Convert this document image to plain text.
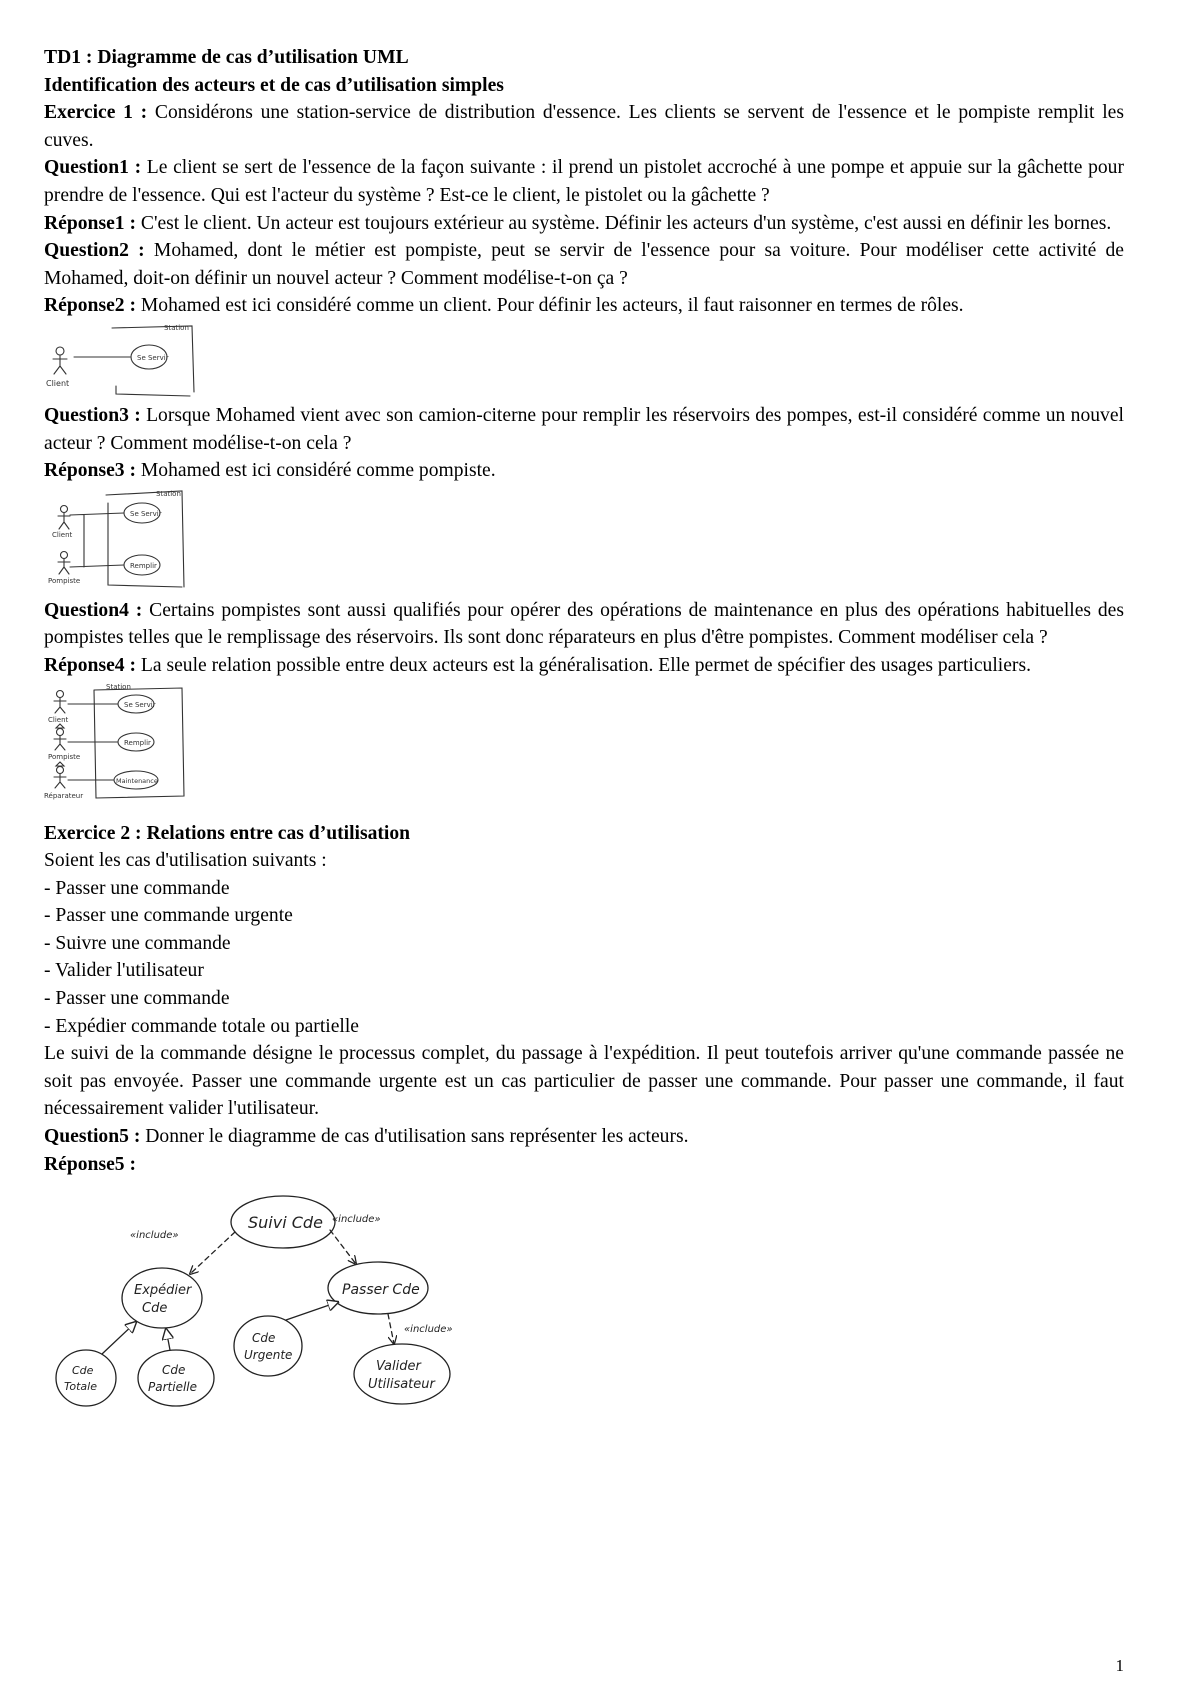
TD1 : Diagramme de cas d’utilisation UML

Identification des acteurs et de cas d’utilisation simples

Exercice 1 : Considérons une station-service de distribution d'essence. Les clients se servent de l'essence et le pompiste remplit les cuves.

Question1 : Le client se sert de l'essence de la façon suivante : il prend un pistolet accroché à une pompe et appuie sur la gâchette pour prendre de l'essence. Qui est l'acteur du système ? Est-ce le client, le pistolet ou la gâchette ?

Réponse1 : C'est le client. Un acteur est toujours extérieur au système. Définir les acteurs d'un système, c'est aussi en définir les bornes.

Question2 : Mohamed, dont le métier est pompiste, peut se servir de l'essence pour sa voiture. Pour modéliser cette activité de Mohamed, doit-on définir un nouvel acteur ? Comment modélise-t-on ça ?

Réponse2 : Mohamed est ici considéré comme un client. Pour définir les acteurs, il faut raisonner en termes de rôles.

Station
Se Servir
Client

Question3 : Lorsque Mohamed vient avec son camion-citerne pour remplir les réservoirs des pompes, est-il considéré comme un nouvel acteur ? Comment modélise-t-on cela ?

Réponse3 : Mohamed est ici considéré comme pompiste.

Station
Se Servir
Remplir
Client
Pompiste

Question4 : Certains pompistes sont aussi qualifiés pour opérer des opérations de maintenance en plus des opérations habituelles des pompistes telles que le remplissage des réservoirs. Ils sont donc réparateurs en plus d'être pompistes. Comment modéliser cela ?

Réponse4 : La seule relation possible entre deux acteurs est la généralisation. Elle permet de spécifier des usages particuliers.

Station
Se Servir
Remplir
Maintenance
Client
Pompiste
Réparateur

Exercice 2 : Relations entre cas d’utilisation

Soient les cas d'utilisation suivants :

- Passer une commande

- Passer une commande urgente

- Suivre une commande

- Valider l'utilisateur

- Passer une commande

- Expédier commande totale ou partielle

Le suivi de la commande désigne le processus complet, du passage à l'expédition. Il peut toutefois arriver qu'une commande passée ne soit pas envoyée. Passer une commande urgente est un cas particulier de passer une commande. Pour passer une commande, il faut nécessairement valider l'utilisateur.

Question5 : Donner le diagramme de cas d'utilisation sans représenter les acteurs.

Réponse5 :

Suivi Cde
Expédier
Cde
Passer Cde
Cde
Totale
Cde
Partielle
Cde
Urgente
Valider
Utilisateur
«include»
«include»
«include»
1
